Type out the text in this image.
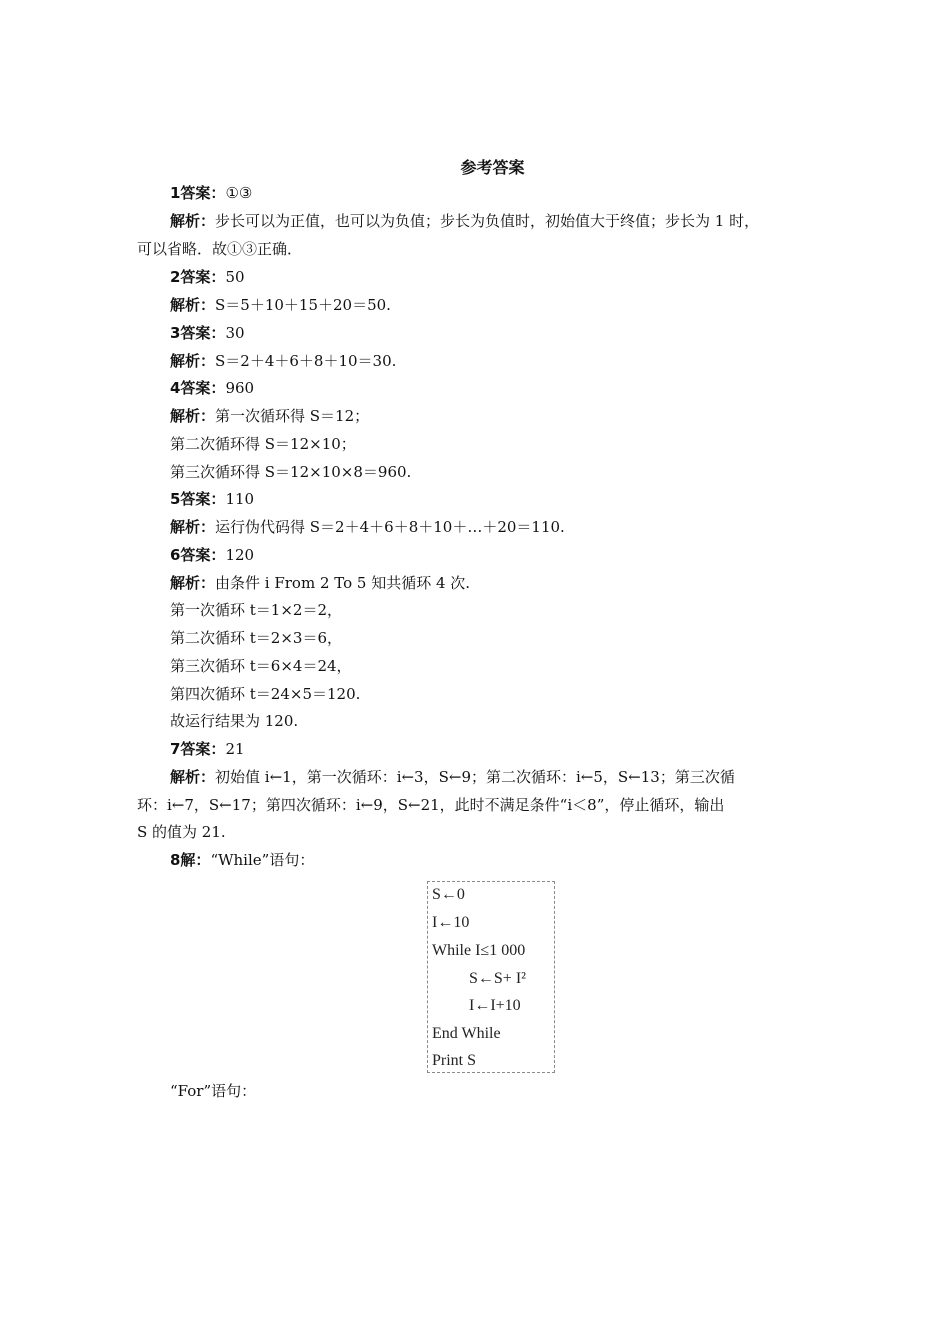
参考答案
1答案：①③
解析：步长可以为正值，也可以为负值；步长为负值时，初始值大于终值；步长为 1 时，
可以省略．故①③正确．
2答案：50
解析：S＝5＋10＋15＋20＝50.
3答案：30
解析：S＝2＋4＋6＋8＋10＝30.
4答案：960
解析：第一次循环得 S＝12；
第二次循环得 S＝12×10；
第三次循环得 S＝12×10×8＝960.
5答案：110
解析：运行伪代码得 S＝2＋4＋6＋8＋10＋…＋20＝110.
6答案：120
解析：由条件 i From 2 To 5 知共循环 4 次.
第一次循环 t＝1×2＝2，
第二次循环 t＝2×3＝6，
第三次循环 t＝6×4＝24，
第四次循环 t＝24×5＝120.
故运行结果为 120.
7答案：21
解析：初始值 i←1，第一次循环：i←3，S←9；第二次循环：i←5，S←13；第三次循
环：i←7，S←17；第四次循环：i←9，S←21，此时不满足条件“i＜8”，停止循环，输出
S 的值为 21.
8解：“While”语句：
S←0
I←10
While I≤1 000
S←S+ I²
I←I+10
End While
Print S
“For”语句：
